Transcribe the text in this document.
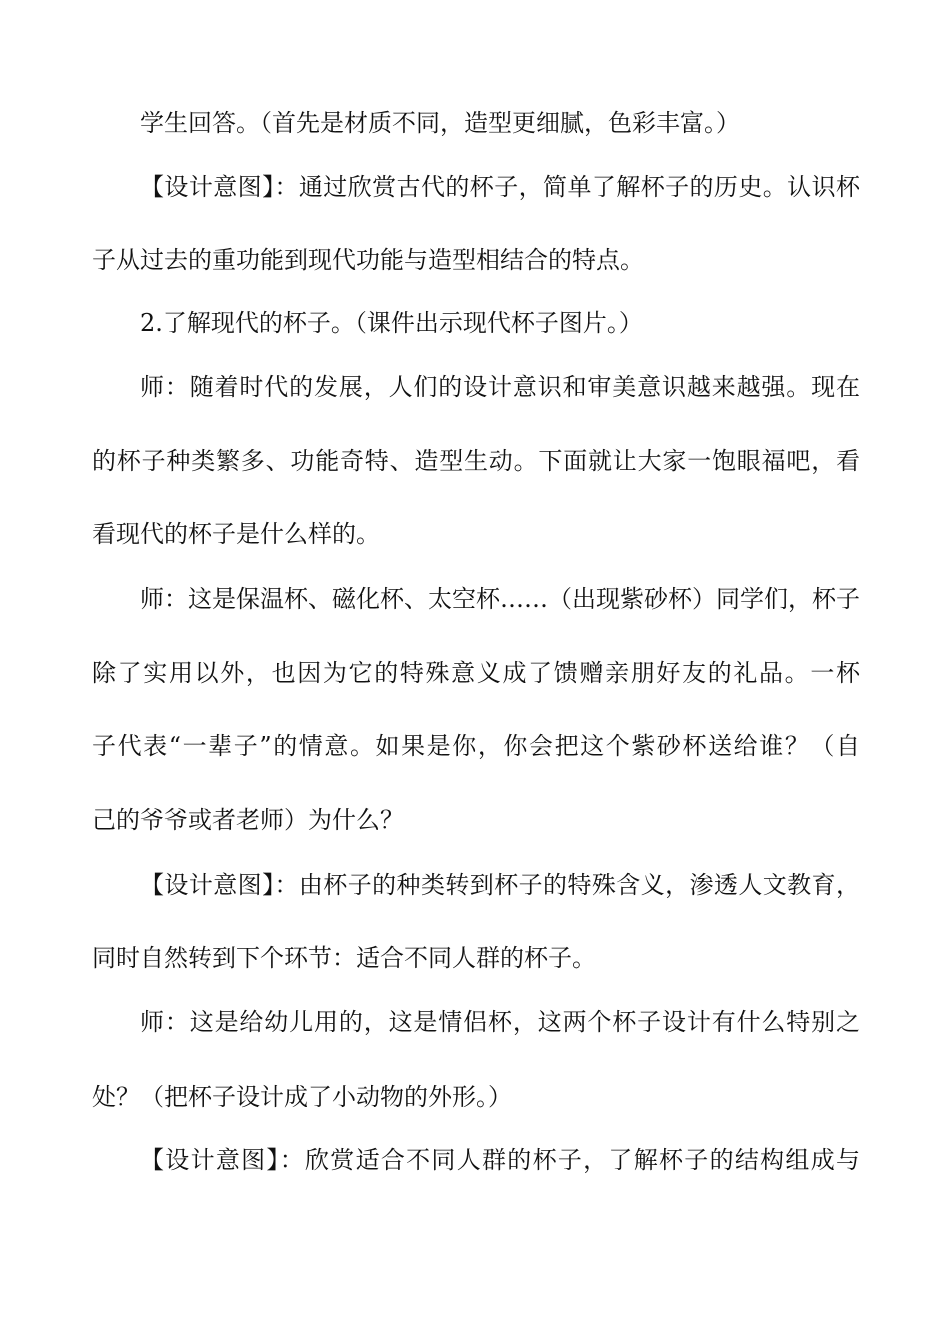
学生回答。（首先是材质不同，造型更细腻，色彩丰富。）
【设计意图】：通过欣赏古代的杯子，简单了解杯子的历史。认识杯
子从过去的重功能到现代功能与造型相结合的特点。
2.了解现代的杯子。（课件出示现代杯子图片。）
师：随着时代的发展，人们的设计意识和审美意识越来越强。现在
的杯子种类繁多、功能奇特、造型生动。下面就让大家一饱眼福吧，看
看现代的杯子是什么样的。
师：这是保温杯、磁化杯、太空杯……（出现紫砂杯）同学们，杯子
除了实用以外，也因为它的特殊意义成了馈赠亲朋好友的礼品。一杯
子代表“一辈子”的情意。如果是你，你会把这个紫砂杯送给谁？（自
己的爷爷或者老师）为什么？
【设计意图】：由杯子的种类转到杯子的特殊含义，渗透人文教育，
同时自然转到下个环节：适合不同人群的杯子。
师：这是给幼儿用的，这是情侣杯，这两个杯子设计有什么特别之
处？（把杯子设计成了小动物的外形。）
【设计意图】：欣赏适合不同人群的杯子，了解杯子的结构组成与
